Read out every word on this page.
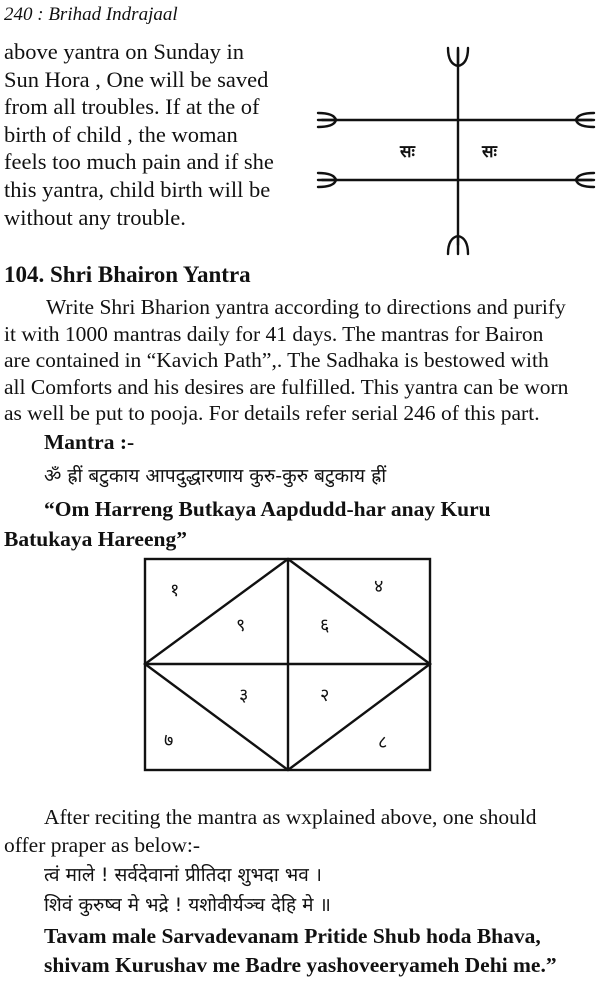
240 : Brihad Indrajaal
above yantra on Sunday in
Sun Hora , One will be saved
from all troubles. If at the of
birth of child , the woman
feels too much pain and if she
this yantra, child birth will be
without any trouble.
सः	सः
104. Shri Bhairon Yantra
Write Shri Bharion yantra according to directions and purify
it with 1000 mantras daily for 41 days. The mantras for Bairon
are contained in “Kavich Path”,. The Sadhaka is bestowed with
all Comforts and his desires are fulfilled. This yantra can be worn
as well be put to pooja. For details refer serial 246 of this part.
Mantra :-
ॐ ह्रीं बटुकाय आपदुद्धारणाय कुरु-कुरु बटुकाय ह्रीं
“Om Harreng Butkaya Aapdudd-har anay Kuru
Batukaya Hareeng”
१	४
९	६
३	२
७	८
After reciting the mantra as wxplained above, one should
offer praper as below:-
त्वं माले ! सर्वदेवानां प्रीतिदा शुभदा भव ।
शिवं कुरुष्व मे भद्रे ! यशोवीर्यञ्च देहि मे ॥
Tavam male Sarvadevanam Pritide Shub hoda Bhava,
shivam Kurushav me Badre yashoveeryameh Dehi me.”
